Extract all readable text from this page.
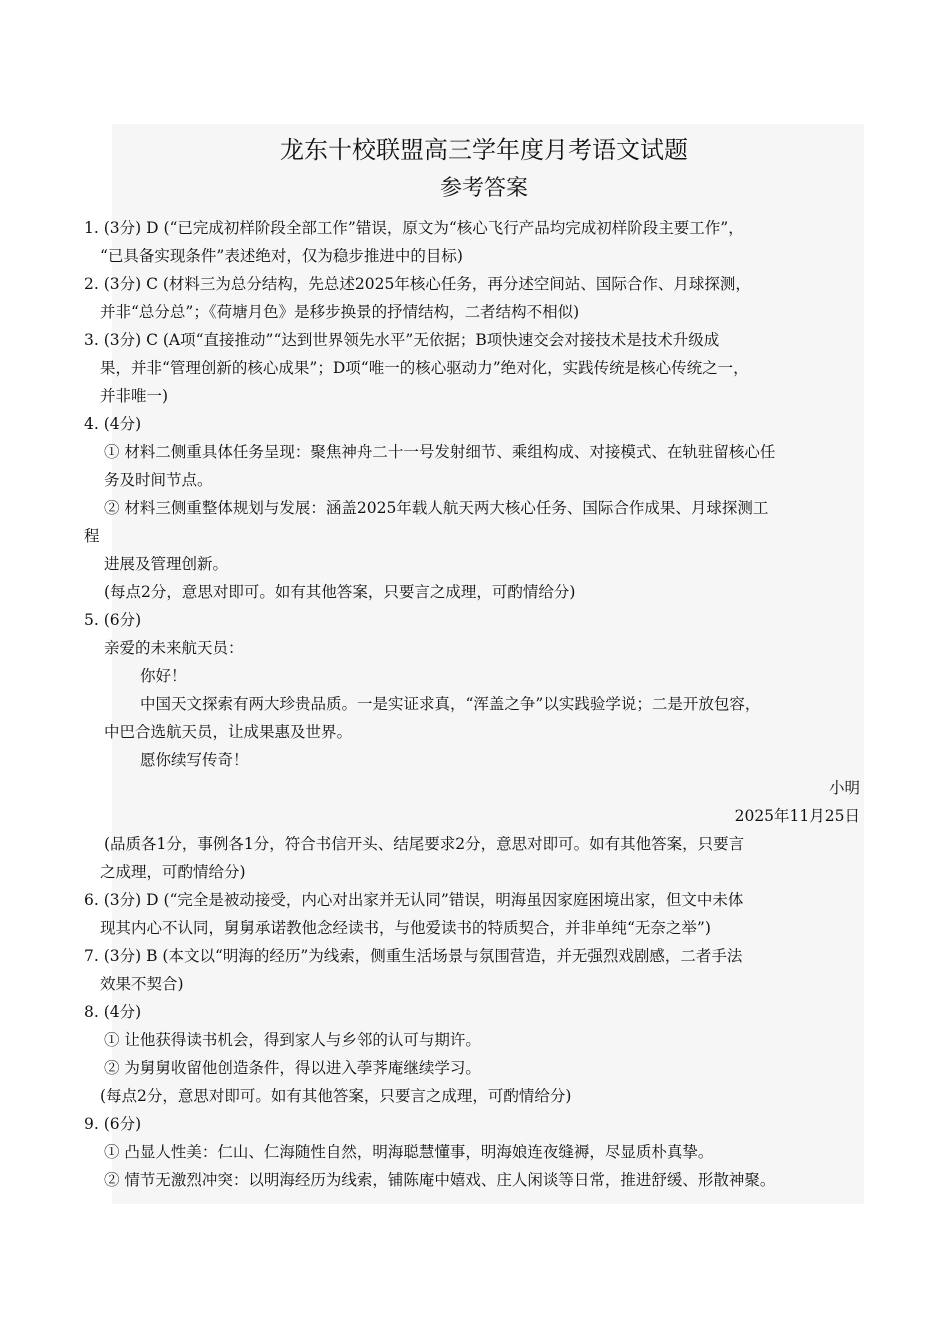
龙东十校联盟高三学年度月考语文试题
参考答案
1. (3分) D (“已完成初样阶段全部工作”错误，原文为“核心飞行产品均完成初样阶段主要工作”，
“已具备实现条件”表述绝对，仅为稳步推进中的目标)
2. (3分) C (材料三为总分结构，先总述2025年核心任务，再分述空间站、国际合作、月球探测，
并非“总分总”；《荷塘月色》是移步换景的抒情结构，二者结构不相似)
3. (3分) C (A项“直接推动”“达到世界领先水平”无依据；B项快速交会对接技术是技术升级成
果，并非“管理创新的核心成果”；D项“唯一的核心驱动力”绝对化，实践传统是核心传统之一，
并非唯一)
4. (4分)
① 材料二侧重具体任务呈现：聚焦神舟二十一号发射细节、乘组构成、对接模式、在轨驻留核心任
务及时间节点。
② 材料三侧重整体规划与发展：涵盖2025年载人航天两大核心任务、国际合作成果、月球探测工
程
进展及管理创新。
(每点2分，意思对即可。如有其他答案，只要言之成理，可酌情给分)
5. (6分)
亲爱的未来航天员：
你好！
中国天文探索有两大珍贵品质。一是实证求真，“浑盖之争”以实践验学说；二是开放包容，
中巴合选航天员，让成果惠及世界。
愿你续写传奇！
小明
2025年11月25日
(品质各1分，事例各1分，符合书信开头、结尾要求2分，意思对即可。如有其他答案，只要言
之成理，可酌情给分)
6. (3分) D (“完全是被动接受，内心对出家并无认同”错误，明海虽因家庭困境出家，但文中未体
现其内心不认同，舅舅承诺教他念经读书，与他爱读书的特质契合，并非单纯“无奈之举”)
7. (3分) B (本文以“明海的经历”为线索，侧重生活场景与氛围营造，并无强烈戏剧感，二者手法
效果不契合)
8. (4分)
① 让他获得读书机会，得到家人与乡邻的认可与期许。
② 为舅舅收留他创造条件，得以进入荸荠庵继续学习。
(每点2分，意思对即可。如有其他答案，只要言之成理，可酌情给分)
9. (6分)
① 凸显人性美：仁山、仁海随性自然，明海聪慧懂事，明海娘连夜缝褥，尽显质朴真挚。
② 情节无激烈冲突：以明海经历为线索，铺陈庵中嬉戏、庄人闲谈等日常，推进舒缓、形散神聚。
